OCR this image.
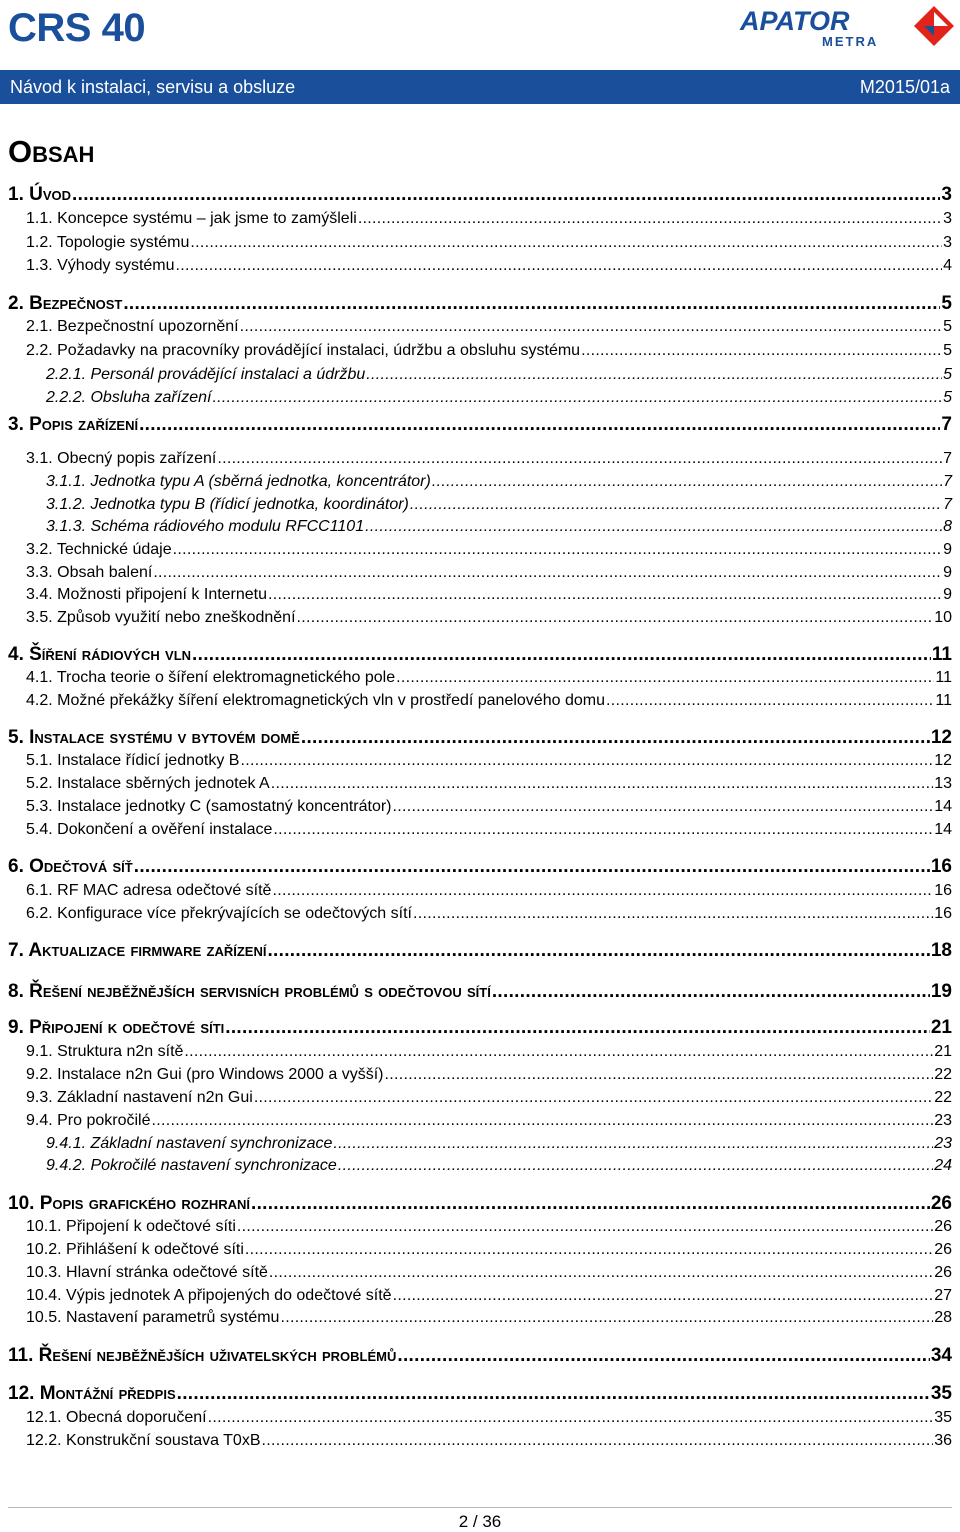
CRS 40	APATOR
METRA
Návod k instalaci, servisu a obsluze	M2015/01a
Obsah
1. Úvod .....	3
1.1. Koncepce systému – jak jsme to zamýšleli .....	3
1.2. Topologie systému .....	3
1.3. Výhody systému .....	4
2. Bezpečnost .....	5
2.1. Bezpečnostní upozornění .....	5
2.2. Požadavky na pracovníky provádějící instalaci, údržbu a obsluhu systému .....	5
2.2.1. Personál provádějící instalaci a údržbu .....	5
2.2.2. Obsluha zařízení .....	5
3. Popis zařízení .....	7
3.1. Obecný popis zařízení .....	7
3.1.1. Jednotka typu A (sběrná jednotka, koncentrátor) .....	7
3.1.2. Jednotka typu B (řídicí jednotka, koordinátor) .....	7
3.1.3. Schéma rádiového modulu RFCC1101 .....	8
3.2. Technické údaje .....	9
3.3. Obsah balení .....	9
3.4. Možnosti připojení k Internetu .....	9
3.5. Způsob využití nebo zneškodnění .....	10
4. Šíření rádiových vln .....	11
4.1. Trocha teorie o šíření elektromagnetického pole .....	11
4.2. Možné překážky šíření elektromagnetických vln v prostředí panelového domu .....	11
5. Instalace systému v bytovém domě .....	12
5.1. Instalace řídicí jednotky B .....	12
5.2. Instalace sběrných jednotek A .....	13
5.3. Instalace jednotky C (samostatný koncentrátor) .....	14
5.4. Dokončení a ověření instalace .....	14
6. Odečtová síť .....	16
6.1. RF MAC adresa odečtové sítě .....	16
6.2. Konfigurace více překrývajících se odečtových sítí .....	16
7. Aktualizace firmware zařízení .....	18
8. Řešení nejběžnějších servisních problémů s odečtovou sítí .....	19
9. Připojení k odečtové síti .....	21
9.1. Struktura n2n sítě .....	21
9.2. Instalace n2n Gui (pro Windows 2000 a vyšší) .....	22
9.3. Základní nastavení n2n Gui .....	22
9.4. Pro pokročilé .....	23
9.4.1. Základní nastavení synchronizace .....	23
9.4.2. Pokročilé nastavení synchronizace .....	24
10. Popis grafického rozhraní .....	26
10.1. Připojení k odečtové síti .....	26
10.2. Přihlášení k odečtové síti .....	26
10.3. Hlavní stránka odečtové sítě .....	26
10.4. Výpis jednotek A připojených do odečtové sítě .....	27
10.5. Nastavení parametrů systému .....	28
11. Řešení nejběžnějších uživatelských problémů .....	34
12. Montážní předpis .....	35
12.1. Obecná doporučení .....	35
12.2. Konstrukční soustava T0xB .....	36
2 / 36
